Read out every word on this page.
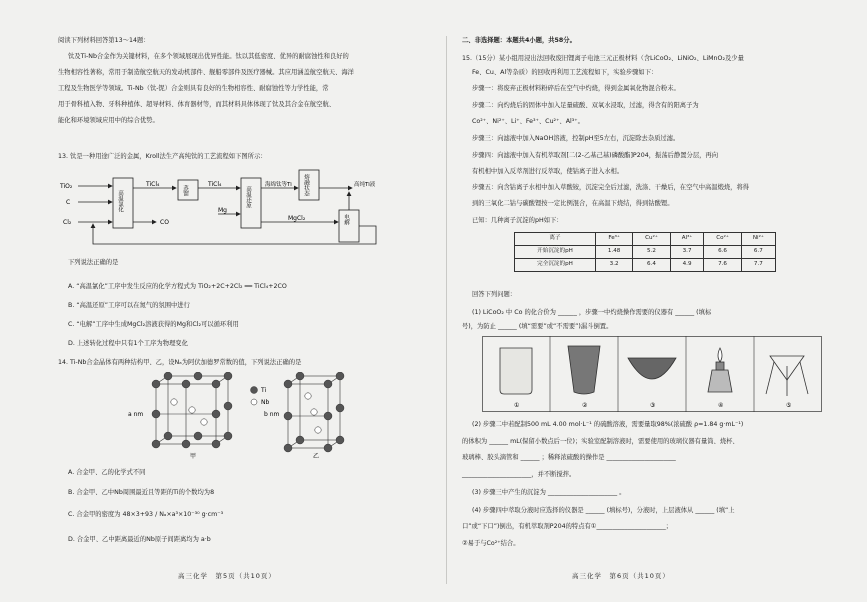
阅读下列材料回答第13～14题：
钛及Ti-Nb合金作为关键材料，在多个领域展现出优异性能。钛以其低密度、优异的耐腐蚀性和良好的
生物相容性著称，常用于制造航空航天的发动机部件、舰船零部件及医疗器械。其应用涵盖航空航天、海洋
工程及生物医学等领域。Ti-Nb（钛-铌）合金则具有良好的生物相容性、耐腐蚀性等力学性能，常
用于骨科植入物、牙科种植体、超导材料、体育器材等，而其材料具体体现了钛及其合金在航空航、
能化和环境领域应用中的综合优势。
13. 钛是一种用途广泛的金属，Kroll法生产高纯钛的工艺流程如下图所示：
TiO₂
C
Cl₂
高温氯化
TiCl₄
CO
蒸馏
TiCl₄
Mg
高温还原
海绵钛等Ti
MgCl₂
熔融状态
电解
高纯Ti液
下列说法正确的是
A. “高温氯化”工序中发生反应的化学方程式为 TiO₂+2C+2Cl₂ ══ TiCl₄+2CO
B. “高温还原”工序可以在氮气的氛围中进行
C. “电解”工序中生成MgCl₂溶液获得的Mg和Cl₂可以循环利用
D. 上述转化过程中只有1个工序为物理变化
14. Ti-Nb合金晶体有两种结构甲、乙，设Nₐ为阿伏加德罗常数的值，下列说法正确的是
a nm	b nm
Ti
Nb
甲	乙
A. 合金甲、乙的化学式不同
B. 合金甲、乙中Nb周围最近且等距的Ti的个数均为8
C. 合金甲的密度为 48×3+93 / Nₐ×a³×10⁻³⁰ g·cm⁻³
D. 合金甲、乙中距离最近的Nb原子间距离均为 a·b
高三化学　第5页（共10页）
二、非选择题：本题共4小题，共58分。
15.（15分）某小组用浸出法回收废旧锂离子电池三元正极材料（含LiCoO₂、LiNiO₂、LiMnO₂及少量
Fe、Cu、Al等杂质）的回收再利用工艺流程如下，实验步骤如下：
步骤一：将废弃正极材料粉碎后在空气中灼烧，得到金属氧化物混合粉末。
步骤二：向灼烧后的固体中加入足量硫酸、双氧水浸取，过滤，得含有的阳离子为
Co²⁺、Ni²⁺、Li⁺、Fe³⁺、Cu²⁺、Al³⁺。
步骤三：向滤液中加入NaOH溶液，控制pH至5左右，沉淀除去杂质过滤。
步骤四：向滤液中加入有机萃取剂[二(2-乙基己基)磷酸酯]P204，振荡后静置分层，再向
有机相中加入反萃剂进行反萃取，使钴离子进入水相。
步骤五：向含钴离子水相中加入草酸铵，沉淀完全后过滤，洗涤、干燥后，在空气中高温煅烧，将得
到的三氧化二钴与碳酸锂按一定比例混合，在高温下烧结，得到钴酸锂。
已知：几种离子沉淀的pH如下：
离子	Fe³⁺	Cu²⁺	Al³⁺	Co²⁺	Ni²⁺
开始沉淀的pH	1.48	5.2	3.7	6.6	6.7
完全沉淀的pH	3.2	6.4	4.9	7.6	7.7
回答下列问题：
(1) LiCoO₂ 中 Co 的化合价为 ______ ，步骤一中灼烧操作需要的仪器有 ______ (填标
号)，为防止 ______ (填“需要”或“不需要”)漏斗倒置。
①	②	③	④	⑤
(2) 步骤二中若配制500 mL 4.00 mol·L⁻¹ 的硫酸溶液，需要量取98%(浓硫酸 ρ=1.84 g·mL⁻¹)
的体积为 ______ mL(保留小数点后一位)；实验室配制溶液时，需要使用的玻璃仪器有量筒、烧杯、
玻璃棒、胶头滴管和 ______ ；稀释浓硫酸的操作是 ______________________
______________________，并不断搅拌。
(3) 步骤三中产生的沉淀为 ______________________ 。
(4) 步骤四中萃取分液时应选择的仪器是 ______ (填标号)，分液时，上层液体从 ______ (填“上
口”或“下口”)倒出，有机萃取剂P204的特点有①______________________；
②易于与Co²⁺结合。
高三化学　第6页（共10页）
